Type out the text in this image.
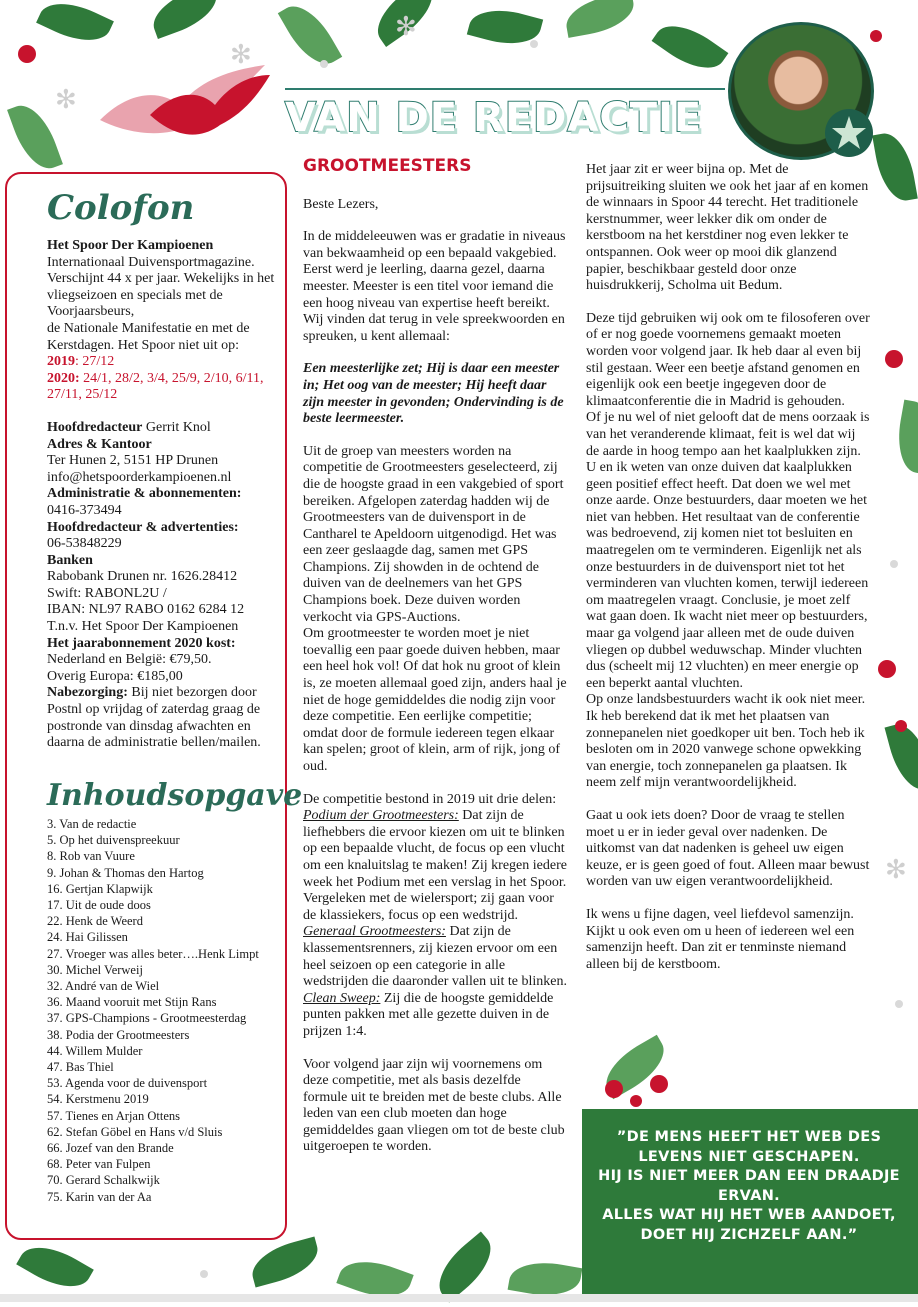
✻
✻
✻
✻
VAN DE REDACTIE
Colofon

Het Spoor Der Kampioenen

Internationaal Duivensportmagazine. Verschijnt 44 x per jaar. Wekelijks in het vliegseizoen en specials met de Voorjaarsbeurs,

de Nationale Manifestatie en met de Kerstdagen. Het Spoor niet uit op:

2019: 27/12

2020: 24/1, 28/2, 3/4, 25/9, 2/10, 6/11, 27/11, 25/12

Hoofdredacteur Gerrit Knol

Adres & Kantoor

Ter Hunen 2, 5151 HP Drunen

info@hetspoorderkampioenen.nl

Administratie & abonnementen:

0416-373494

Hoofdredacteur & advertenties:

06-53848229

Banken

Rabobank Drunen nr. 1626.28412

Swift: RABONL2U /

IBAN: NL97 RABO 0162 6284 12

T.n.v. Het Spoor Der Kampioenen

Het jaarabonnement 2020 kost:

Nederland en België: €79,50.

Overig Europa: €185,00

Nabezorging: Bij niet bezorgen door Postnl op vrijdag of zaterdag graag de postronde van dinsdag afwachten en daarna de administratie bellen/mailen.

Inhoudsopgave
3. Van de redactie
5. Op het duivenspreekuur
8. Rob van Vuure
9. Johan & Thomas den Hartog
16. Gertjan Klapwijk
17. Uit de oude doos
22. Henk de Weerd
24. Hai Gilissen
27. Vroeger was alles beter….Henk Limpt
30. Michel Verweij
32. André van de Wiel
36. Maand vooruit met Stijn Rans
37. GPS-Champions - Grootmeesterdag
38. Podia der Grootmeesters
44. Willem Mulder
47. Bas Thiel
53. Agenda voor de duivensport
54. Kerstmenu 2019
57. Tienes en Arjan Ottens
62. Stefan Göbel en Hans v/d Sluis
66. Jozef van den Brande
68. Peter van Fulpen
70. Gerard Schalkwijk
75. Karin van der Aa
GROOTMEESTERS

Beste Lezers,

In de middeleeuwen was er gradatie in niveaus van bekwaamheid op een bepaald vakgebied. Eerst werd je leerling, daarna gezel, daarna meester. Meester is een titel voor iemand die een hoog niveau van expertise heeft bereikt.

Wij vinden dat terug in vele spreekwoorden en spreuken, u kent allemaal:

Een meesterlijke zet; Hij is daar een meester in; Het oog van de meester; Hij heeft daar zijn meester in gevonden; Ondervinding is de beste leermeester.

Uit de groep van meesters worden na competitie de Grootmeesters geselecteerd, zij die de hoogste graad in een vakgebied of sport bereiken. Afgelopen zaterdag hadden wij de Grootmeesters van de duivensport in de Cantharel te Apeldoorn uitgenodigd. Het was een zeer geslaagde dag, samen met GPS Champions. Zij showden in de ochtend de duiven van de deelnemers van het GPS Champions boek. Deze duiven worden verkocht via GPS-Auctions.

Om grootmeester te worden moet je niet toevallig een paar goede duiven hebben, maar een heel hok vol! Of dat hok nu groot of klein is, ze moeten allemaal goed zijn, anders haal je niet de hoge gemiddeldes die nodig zijn voor deze competitie. Een eerlijke competitie; omdat door de formule iedereen tegen elkaar kan spelen; groot of klein, arm of rijk, jong of oud.

De competitie bestond in 2019 uit drie delen:

Podium der Grootmeesters: Dat zijn de liefhebbers die ervoor kiezen om uit te blinken op een bepaalde vlucht, de focus op een vlucht om een knaluitslag te maken! Zij kregen iedere week het Podium met een verslag in het Spoor. Vergeleken met de wielersport; zij gaan voor de klassiekers, focus op een wedstrijd.

Generaal Grootmeesters: Dat zijn de klassementsrenners, zij kiezen ervoor om een heel seizoen op een categorie in alle wedstrijden die daaronder vallen uit te blinken.

Clean Sweep: Zij die de hoogste gemiddelde punten pakken met alle gezette duiven in de prijzen 1:4.

Voor volgend jaar zijn wij voornemens om deze competitie, met als basis dezelfde formule uit te breiden met de beste clubs. Alle leden van een club moeten dan hoge gemiddeldes gaan vliegen om tot de beste club uitgeroepen te worden.

Het jaar zit er weer bijna op. Met de prijsuitreiking sluiten we ook het jaar af en komen de winnaars in Spoor 44 terecht. Het traditionele kerstnummer, weer lekker dik om onder de kerstboom na het kerstdiner nog even lekker te ontspannen. Ook weer op mooi dik glanzend papier, beschikbaar gesteld door onze huisdrukkerij, Scholma uit Bedum.

Deze tijd gebruiken wij ook om te filosoferen over of er nog goede voornemens gemaakt moeten worden voor volgend jaar. Ik heb daar al even bij stil gestaan. Weer een beetje afstand genomen en eigenlijk ook een beetje ingegeven door de klimaatconferentie die in Madrid is gehouden.

Of je nu wel of niet gelooft dat de mens oorzaak is van het veranderende klimaat, feit is wel dat wij de aarde in hoog tempo aan het kaalplukken zijn. U en ik weten van onze duiven dat kaalplukken geen positief effect heeft. Dat doen we wel met onze aarde. Onze bestuurders, daar moeten we het niet van hebben. Het resultaat van de conferentie was bedroevend, zij komen niet tot besluiten en maatregelen om te verminderen. Eigenlijk net als onze bestuurders in de duivensport niet tot het verminderen van vluchten komen, terwijl iedereen om maatregelen vraagt. Conclusie, je moet zelf wat gaan doen. Ik wacht niet meer op bestuurders, maar ga volgend jaar alleen met de oude duiven vliegen op dubbel weduwschap. Minder vluchten dus (scheelt mij 12 vluchten) en meer energie op een beperkt aantal vluchten.

Op onze landsbestuurders wacht ik ook niet meer. Ik heb berekend dat ik met het plaatsen van zonnepanelen niet goedkoper uit ben. Toch heb ik besloten om in 2020 vanwege schone opwekking van energie, toch zonnepanelen ga plaatsen. Ik neem zelf mijn verantwoordelijkheid.

Gaat u ook iets doen? Door de vraag te stellen moet u er in ieder geval over nadenken. De uitkomst van dat nadenken is geheel uw eigen keuze, er is geen goed of fout. Alleen maar bewust worden van uw eigen verantwoordelijkheid.

Ik wens u fijne dagen, veel liefdevol samenzijn. Kijkt u ook even om u heen of iedereen wel een samenzijn heeft. Dan zit er tenminste niemand alleen bij de kerstboom.

”DE MENS HEEFT HET WEB DES LEVENS NIET GESCHAPEN.
HIJ IS NIET MEER DAN EEN DRAADJE ERVAN.
ALLES WAT HIJ HET WEB AANDOET, DOET HIJ ZICHZELF AAN.”
